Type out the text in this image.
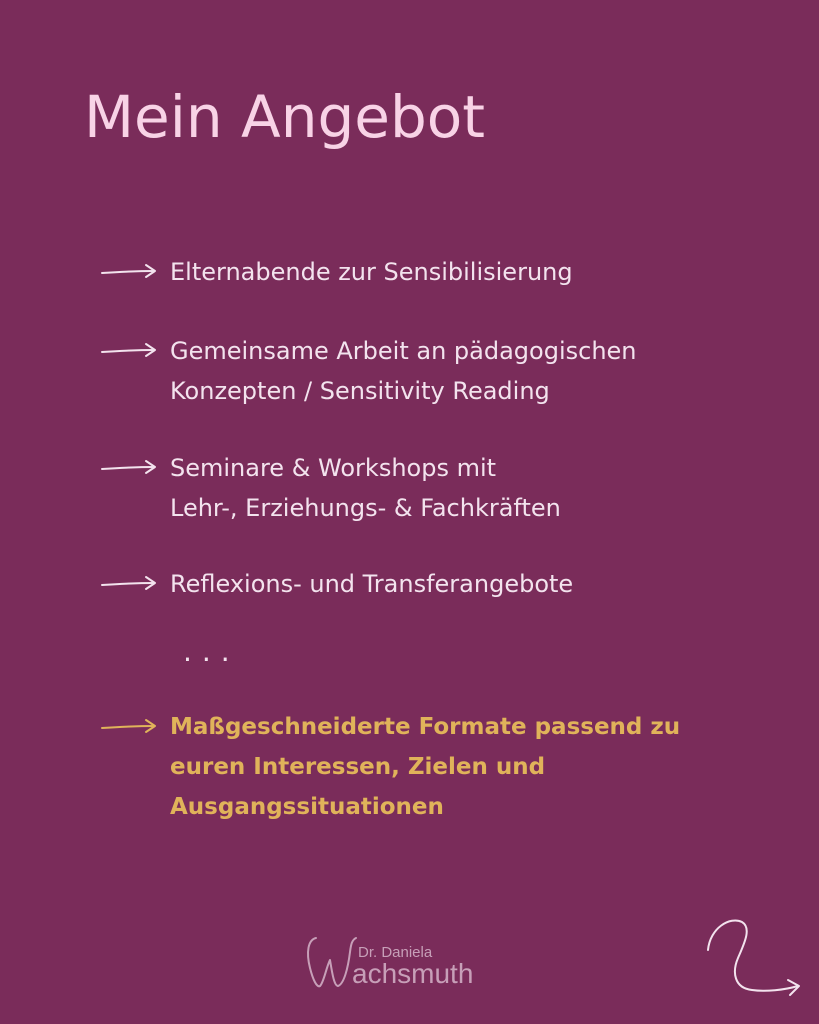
Mein Angebot
Elternabende zur Sensibilisierung
Gemeinsame Arbeit an pädagogischen
Konzepten / Sensitivity Reading
Seminare & Workshops mit
Lehr-, Erziehungs- & Fachkräften
Reflexions- und Transferangebote
...
Maßgeschneiderte Formate passend zu
euren Interessen, Zielen und
Ausgangssituationen
Dr. Daniela
achsmuth
